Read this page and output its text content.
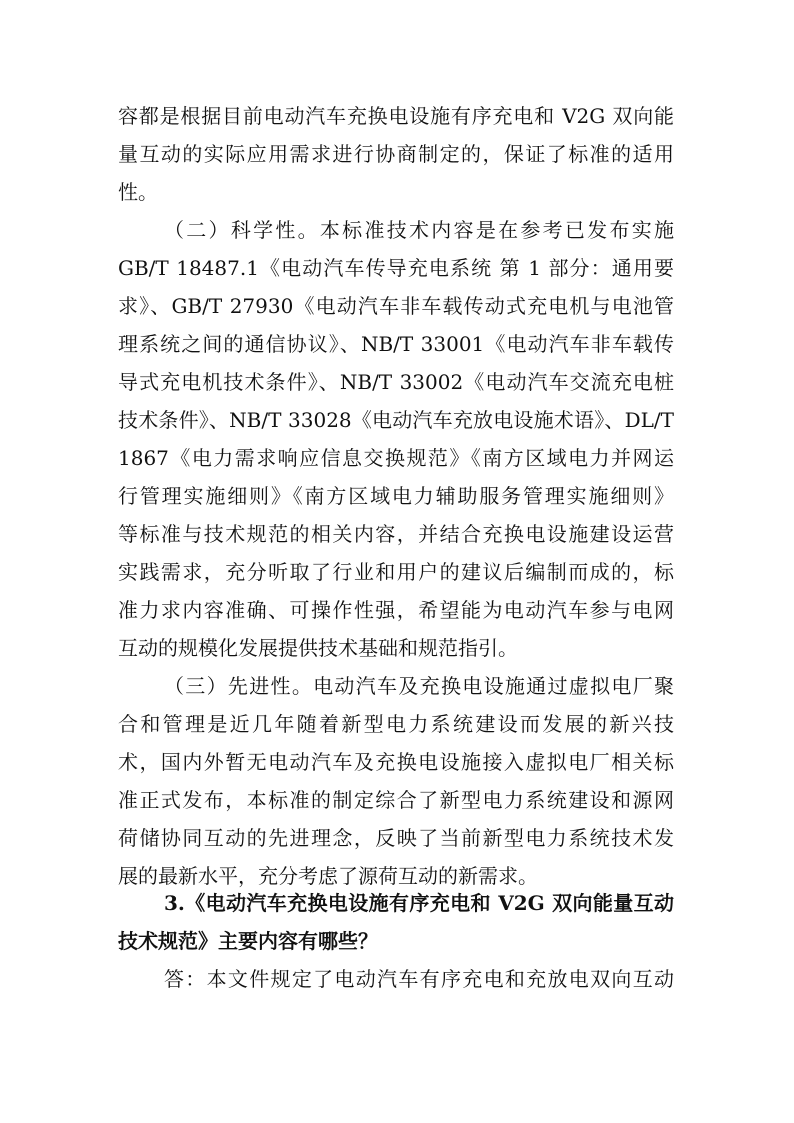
容都是根据目前电动汽车充换电设施有序充电和 V2G 双向能
量互动的实际应用需求进行协商制定的，保证了标准的适用
性。
（二）科学性。本标准技术内容是在参考已发布实施
GB/T 18487.1《电动汽车传导充电系统 第 1 部分：通用要
求》、GB/T 27930《电动汽车非车载传动式充电机与电池管
理系统之间的通信协议》、NB/T 33001《电动汽车非车载传
导式充电机技术条件》、NB/T 33002《电动汽车交流充电桩
技术条件》、NB/T 33028《电动汽车充放电设施术语》、DL/T
1867《电力需求响应信息交换规范》《南方区域电力并网运
行管理实施细则》《南方区域电力辅助服务管理实施细则》
等标准与技术规范的相关内容，并结合充换电设施建设运营
实践需求，充分听取了行业和用户的建议后编制而成的，标
准力求内容准确、可操作性强，希望能为电动汽车参与电网
互动的规模化发展提供技术基础和规范指引。
（三）先进性。电动汽车及充换电设施通过虚拟电厂聚
合和管理是近几年随着新型电力系统建设而发展的新兴技
术，国内外暂无电动汽车及充换电设施接入虚拟电厂相关标
准正式发布，本标准的制定综合了新型电力系统建设和源网
荷储协同互动的先进理念，反映了当前新型电力系统技术发
展的最新水平，充分考虑了源荷互动的新需求。
3.《电动汽车充换电设施有序充电和 V2G 双向能量互动
技术规范》主要内容有哪些？
答：本文件规定了电动汽车有序充电和充放电双向互动
